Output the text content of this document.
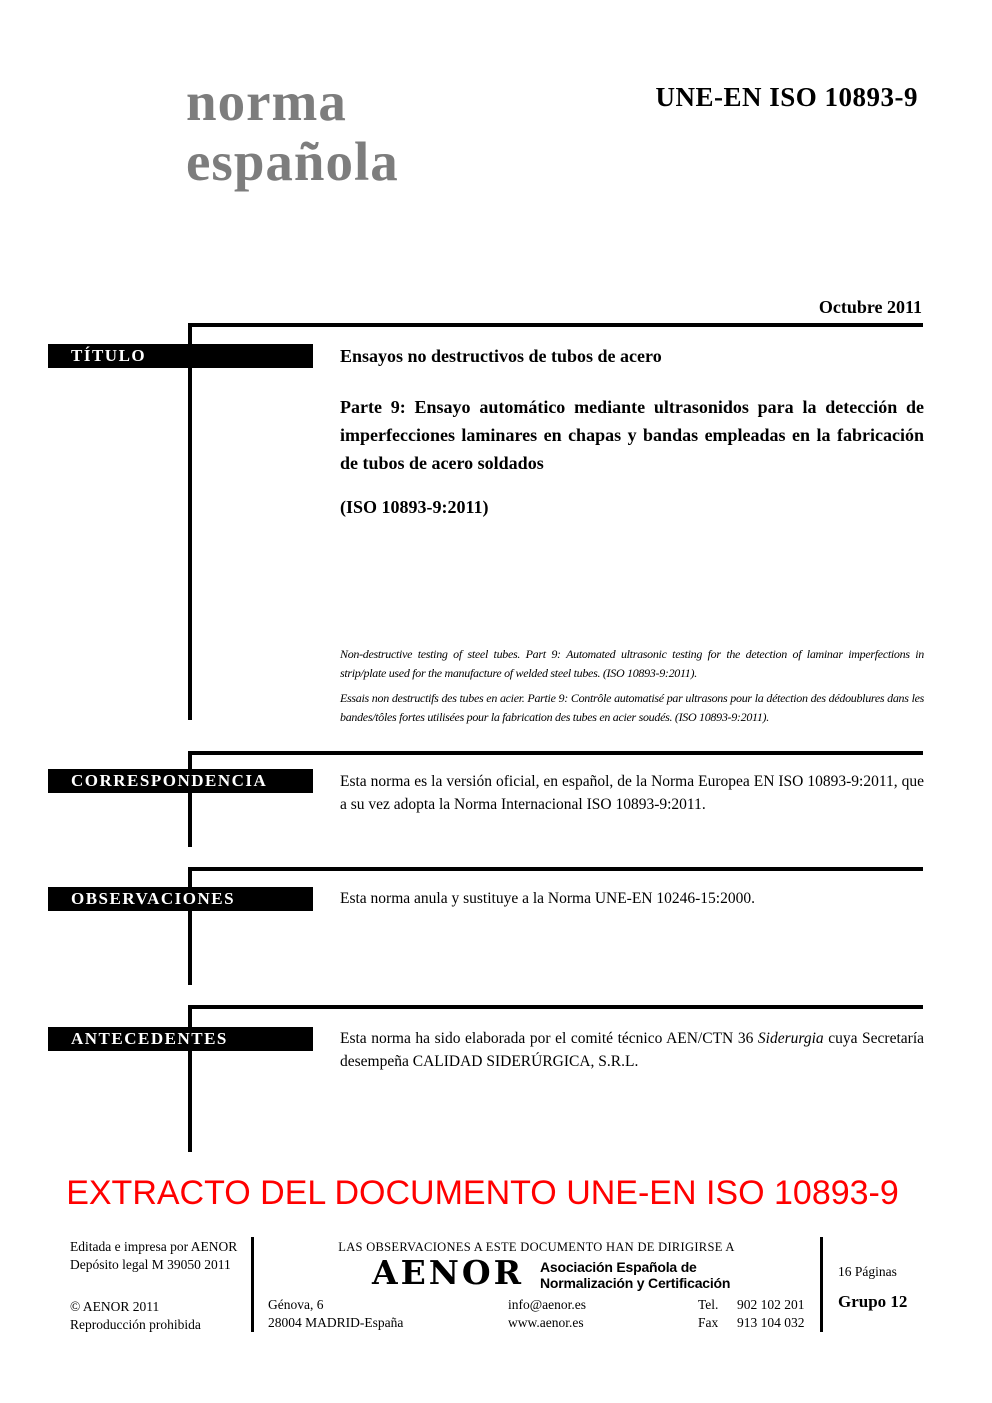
norma
española
UNE-EN ISO 10893-9
Octubre 2011
TÍTULO
CORRESPONDENCIA
OBSERVACIONES
ANTECEDENTES
Ensayos no destructivos de tubos de acero
Parte 9: Ensayo automático mediante ultrasonidos para la detección de imperfecciones laminares en chapas y bandas empleadas en la fabricación de tubos de acero soldados
(ISO 10893-9:2011)
Non-destructive testing of steel tubes. Part 9: Automated ultrasonic testing for the detection of laminar imperfections in strip/plate used for the manufacture of welded steel tubes. (ISO 10893-9:2011).
Essais non destructifs des tubes en acier. Partie 9: Contrôle automatisé par ultrasons pour la détection des dédoublures dans les bandes/tôles fortes utilisées pour la fabrication des tubes en acier soudés. (ISO 10893-9:2011).
Esta norma es la versión oficial, en español, de la Norma Europea EN ISO 10893-9:2011, que a su vez adopta la Norma Internacional ISO 10893-9:2011.
Esta norma anula y sustituye a la Norma UNE-EN 10246-15:2000.
Esta norma ha sido elaborada por el comité técnico AEN/CTN 36 Siderurgia cuya Secretaría desempeña CALIDAD SIDERÚRGICA, S.R.L.
EXTRACTO DEL DOCUMENTO UNE-EN ISO 10893-9
Editada e impresa por AENOR
Depósito legal M 39050 2011
© AENOR 2011
Reproducción prohibida
LAS OBSERVACIONES A ESTE DOCUMENTO HAN DE DIRIGIRSE A
AENOR Asociación Española de
Normalización y Certificación
Génova, 6
28004 MADRID-España
info@aenor.es
www.aenor.es
Tel.
Fax
902 102 201
913 104 032
16 Páginas
Grupo 12
